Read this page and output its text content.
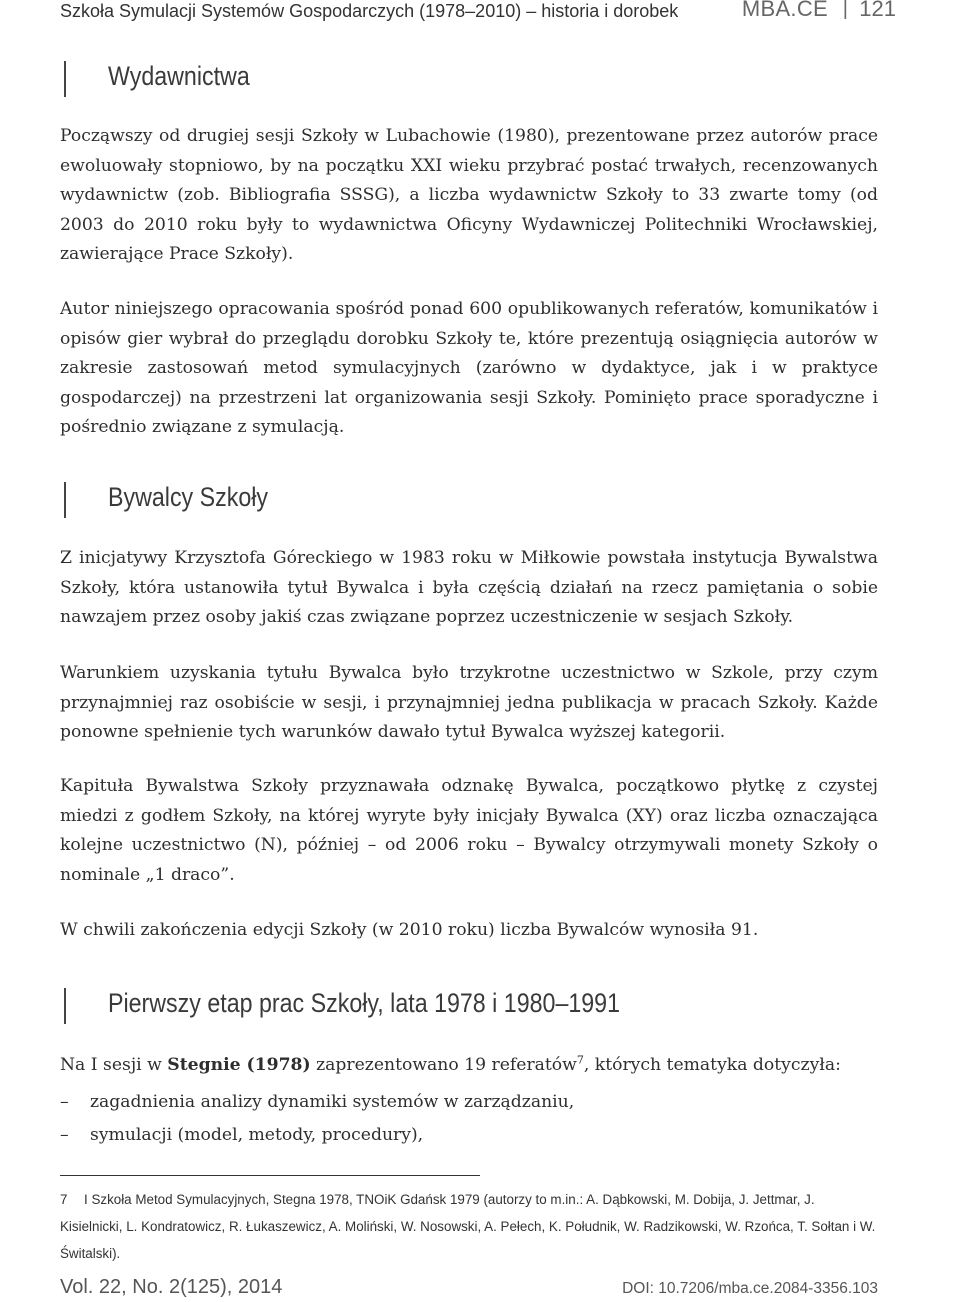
Szkoła Symulacji Systemów Gospodarczych (1978–2010) – historia i dorobek	MBA.CE | 121
Wydawnictwa

Począwszy od drugiej sesji Szkoły w Lubachowie (1980), prezentowane przez autorów prace ewoluowały stopniowo, by na początku XXI wieku przybrać postać trwałych, recenzowanych wydawnictw (zob. Bibliografia SSSG), a liczba wydawnictw Szkoły to 33 zwarte tomy (od 2003 do 2010 roku były to wydawnictwa Oficyny Wydawniczej Politechniki Wrocławskiej, zawierające Prace Szkoły).

Autor niniejszego opracowania spośród ponad 600 opublikowanych referatów, komunikatów i opisów gier wybrał do przeglądu dorobku Szkoły te, które prezentują osiągnięcia autorów w zakresie zastosowań metod symulacyjnych (zarówno w dydaktyce, jak i w praktyce gospodarczej) na przestrzeni lat organizowania sesji Szkoły. Pominięto prace sporadyczne i pośrednio związane z symulacją.

Bywalcy Szkoły

Z inicjatywy Krzysztofa Góreckiego w 1983 roku w Miłkowie powstała instytucja Bywalstwa Szkoły, która ustanowiła tytuł Bywalca i była częścią działań na rzecz pamiętania o sobie nawzajem przez osoby jakiś czas związane poprzez uczestniczenie w sesjach Szkoły.

Warunkiem uzyskania tytułu Bywalca było trzykrotne uczestnictwo w Szkole, przy czym przynajmniej raz osobiście w sesji, i przynajmniej jedna publikacja w pracach Szkoły. Każde ponowne spełnienie tych warunków dawało tytuł Bywalca wyższej kategorii.

Kapituła Bywalstwa Szkoły przyznawała odznakę Bywalca, początkowo płytkę z czystej miedzi z godłem Szkoły, na której wyryte były inicjały Bywalca (XY) oraz liczba oznaczająca kolejne uczestnictwo (N), później – od 2006 roku – Bywalcy otrzymywali monety Szkoły o nominale „1 draco”.

W chwili zakończenia edycji Szkoły (w 2010 roku) liczba Bywalców wynosiła 91.

Pierwszy etap prac Szkoły, lata 1978 i 1980–1991

Na I sesji w Stegnie (1978) zaprezentowano 19 referatów$^7$, których tematyka dotyczyła:

– zagadnienia analizy dynamiki systemów w zarządzaniu,
– symulacji (model, metody, procedury),
7 I Szkoła Metod Symulacyjnych, Stegna 1978, TNOiK Gdańsk 1979 (autorzy to m.in.: A. Dąbkowski, M. Dobija, J. Jettmar, J. Kisielnicki, L. Kondratowicz, R. Łukaszewicz, A. Moliński, W. Nosowski, A. Pełech, K. Południk, W. Radzikowski, W. Rzońca, T. Sołtan i W. Świtalski).
Vol. 22, No. 2(125), 2014	DOI: 10.7206/mba.ce.2084-3356.103
